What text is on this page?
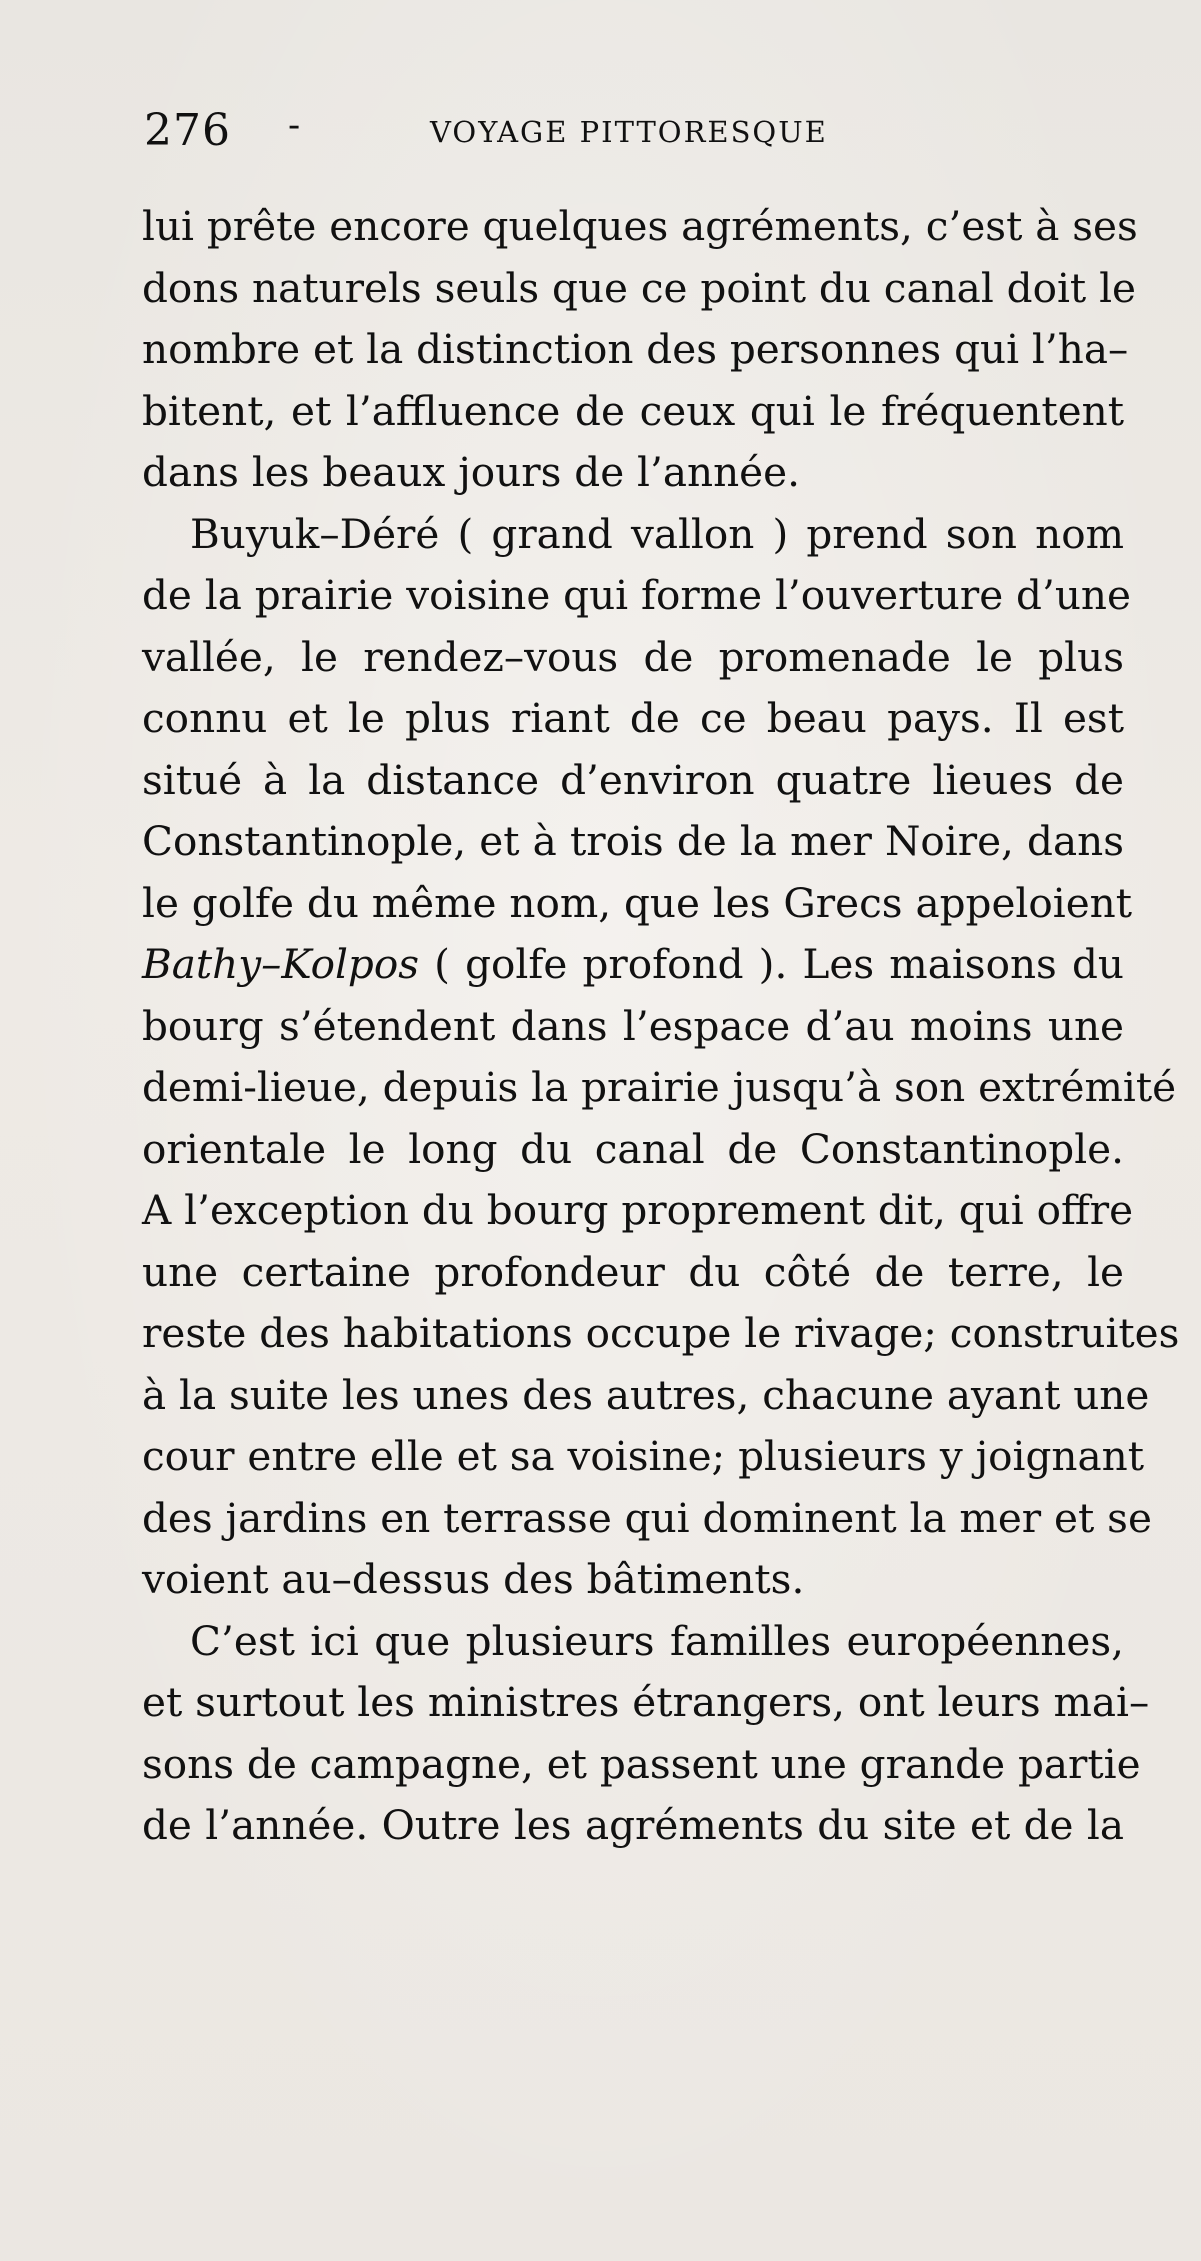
276 -	VOYAGE PITTORESQUE
lui prête encore quelques agréments, c’est à ses
dons naturels seuls que ce point du canal doit le
nombre et la distinction des personnes qui l’ha–
bitent, et l’affluence de ceux qui le fréquentent
dans les beaux jours de l’année.
Buyuk–Déré ( grand vallon ) prend son nom
de la prairie voisine qui forme l’ouverture d’une
vallée, le rendez–vous de promenade le plus
connu et le plus riant de ce beau pays. Il est
situé à la distance d’environ quatre lieues de
Constantinople, et à trois de la mer Noire, dans
le golfe du même nom, que les Grecs appeloient
Bathy–Kolpos ( golfe profond ). Les maisons du
bourg s’étendent dans l’espace d’au moins une
demi-lieue, depuis la prairie jusqu’à son extrémité
orientale le long du canal de Constantinople.
A l’exception du bourg proprement dit, qui offre
une certaine profondeur du côté de terre, le
reste des habitations occupe le rivage; construites
à la suite les unes des autres, chacune ayant une
cour entre elle et sa voisine; plusieurs y joignant
des jardins en terrasse qui dominent la mer et se
voient au–dessus des bâtiments.
C’est ici que plusieurs familles européennes,
et surtout les ministres étrangers, ont leurs mai–
sons de campagne, et passent une grande partie
de l’année. Outre les agréments du site et de la
